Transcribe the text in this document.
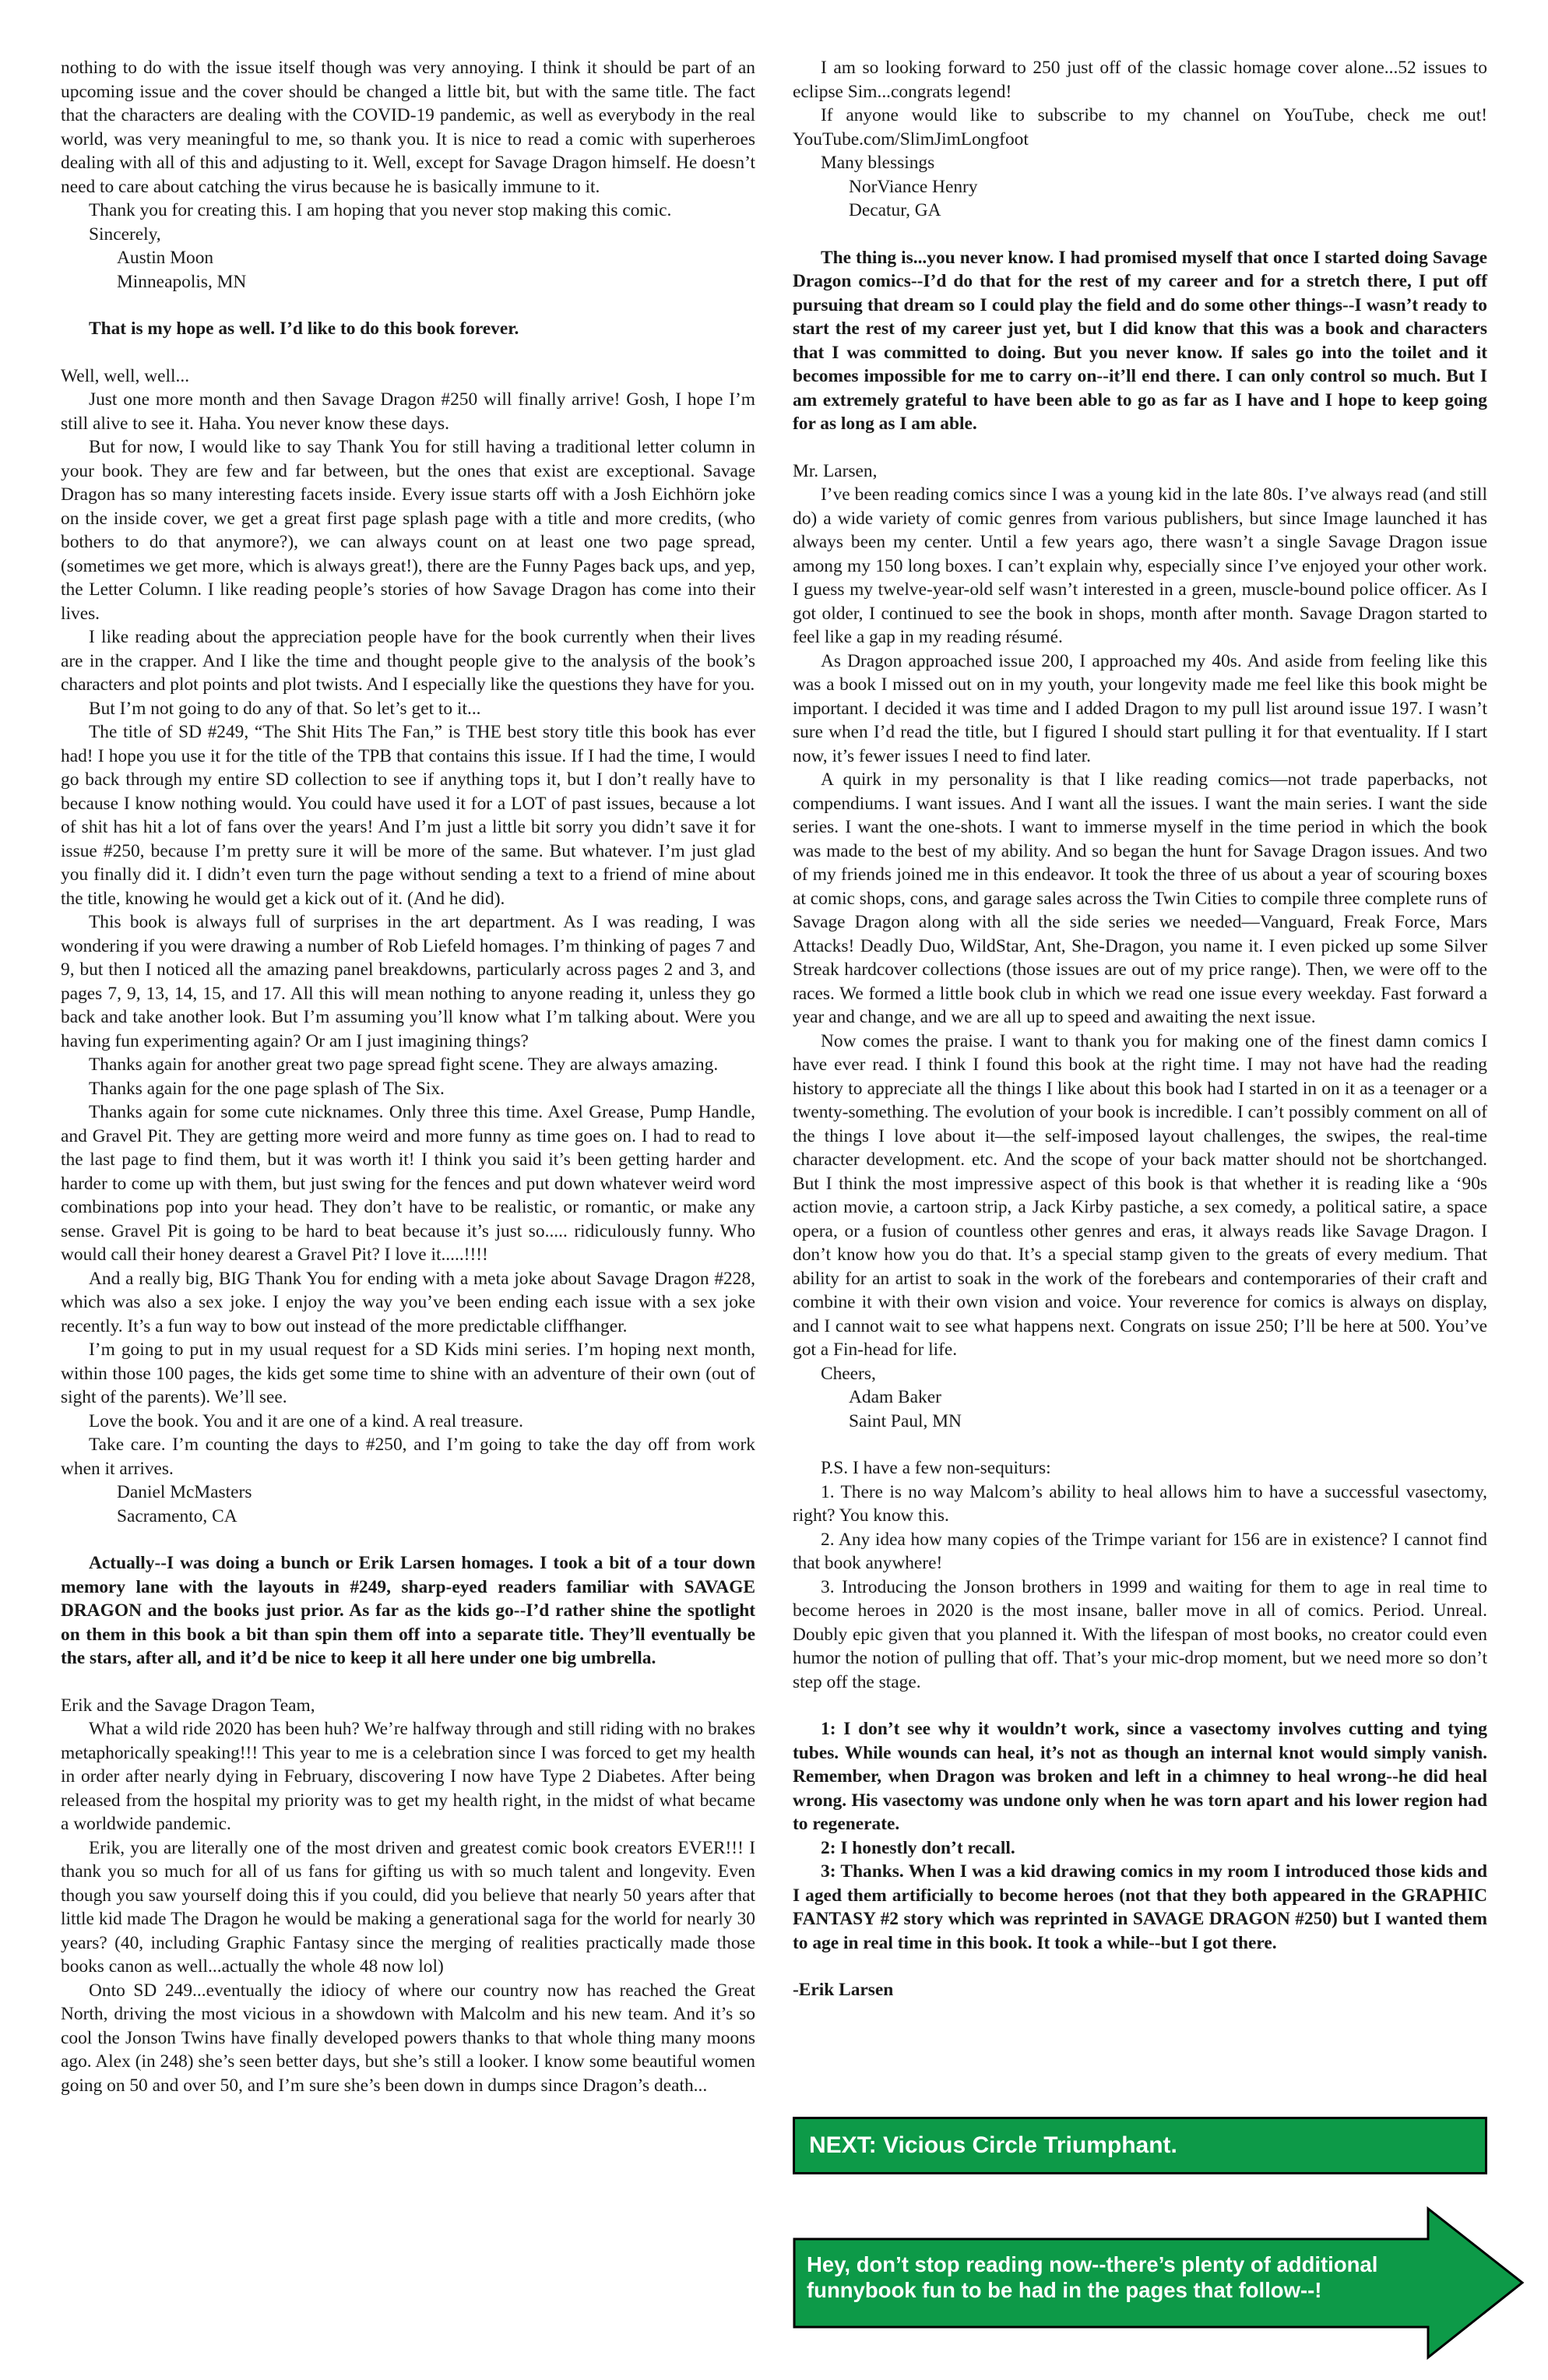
nothing to do with the issue itself though was very annoying. I think it should be part of an upcoming issue and the cover should be changed a little bit, but with the same title. The fact that the characters are dealing with the COVID-19 pandemic, as well as everybody in the real world, was very meaningful to me, so thank you. It is nice to read a comic with superheroes dealing with all of this and adjusting to it. Well, except for Savage Dragon himself. He doesn’t need to care about catching the virus because he is basically immune to it.

Thank you for creating this. I am hoping that you never stop making this comic.

Sincerely,

Austin Moon

Minneapolis, MN

That is my hope as well. I’d like to do this book forever.

Well, well, well...

Just one more month and then Savage Dragon #250 will finally arrive! Gosh, I hope I’m still alive to see it. Haha. You never know these days.

But for now, I would like to say Thank You for still having a traditional letter column in your book. They are few and far between, but the ones that exist are exceptional. Savage Dragon has so many interesting facets inside. Every issue starts off with a Josh Eichhörn joke on the inside cover, we get a great first page splash page with a title and more credits, (who bothers to do that anymore?), we can always count on at least one two page spread, (sometimes we get more, which is always great!), there are the Funny Pages back ups, and yep, the Letter Column. I like reading people’s stories of how Savage Dragon has come into their lives.

I like reading about the appreciation people have for the book currently when their lives are in the crapper. And I like the time and thought people give to the analysis of the book’s characters and plot points and plot twists. And I especially like the questions they have for you.

But I’m not going to do any of that. So let’s get to it...

The title of SD #249, “The Shit Hits The Fan,” is THE best story title this book has ever had! I hope you use it for the title of the TPB that contains this issue. If I had the time, I would go back through my entire SD collection to see if anything tops it, but I don’t really have to because I know nothing would. You could have used it for a LOT of past issues, because a lot of shit has hit a lot of fans over the years! And I’m just a little bit sorry you didn’t save it for issue #250, because I’m pretty sure it will be more of the same. But whatever. I’m just glad you finally did it. I didn’t even turn the page without sending a text to a friend of mine about the title, knowing he would get a kick out of it. (And he did).

This book is always full of surprises in the art department. As I was reading, I was wondering if you were drawing a number of Rob Liefeld homages. I’m thinking of pages 7 and 9, but then I noticed all the amazing panel breakdowns, particularly across pages 2 and 3, and pages 7, 9, 13, 14, 15, and 17. All this will mean nothing to anyone reading it, unless they go back and take another look. But I’m assuming you’ll know what I’m talking about. Were you having fun experimenting again? Or am I just imagining things?

Thanks again for another great two page spread fight scene. They are always amazing.

Thanks again for the one page splash of The Six.

Thanks again for some cute nicknames. Only three this time. Axel Grease, Pump Handle, and Gravel Pit. They are getting more weird and more funny as time goes on. I had to read to the last page to find them, but it was worth it! I think you said it’s been getting harder and harder to come up with them, but just swing for the fences and put down whatever weird word combinations pop into your head. They don’t have to be realistic, or romantic, or make any sense. Gravel Pit is going to be hard to beat because it’s just so..... ridiculously funny. Who would call their honey dearest a Gravel Pit? I love it.....!!!!

And a really big, BIG Thank You for ending with a meta joke about Savage Dragon #228, which was also a sex joke. I enjoy the way you’ve been ending each issue with a sex joke recently. It’s a fun way to bow out instead of the more predictable cliffhanger.

I’m going to put in my usual request for a SD Kids mini series. I’m hoping next month, within those 100 pages, the kids get some time to shine with an adventure of their own (out of sight of the parents). We’ll see.

Love the book. You and it are one of a kind. A real treasure.

Take care. I’m counting the days to #250, and I’m going to take the day off from work when it arrives.

Daniel McMasters

Sacramento, CA

Actually--I was doing a bunch or Erik Larsen homages. I took a bit of a tour down memory lane with the layouts in #249, sharp-eyed readers familiar with SAVAGE DRAGON and the books just prior. As far as the kids go--I’d rather shine the spotlight on them in this book a bit than spin them off into a separate title. They’ll eventually be the stars, after all, and it’d be nice to keep it all here under one big umbrella.

Erik and the Savage Dragon Team,

What a wild ride 2020 has been huh? We’re halfway through and still riding with no brakes metaphorically speaking!!! This year to me is a celebration since I was forced to get my health in order after nearly dying in February, discovering I now have Type 2 Diabetes. After being released from the hospital my priority was to get my health right, in the midst of what became a worldwide pandemic.

Erik, you are literally one of the most driven and greatest comic book creators EVER!!! I thank you so much for all of us fans for gifting us with so much talent and longevity. Even though you saw yourself doing this if you could, did you believe that nearly 50 years after that little kid made The Dragon he would be making a generational saga for the world for nearly 30 years? (40, including Graphic Fantasy since the merging of realities practically made those books canon as well...actually the whole 48 now lol)

Onto SD 249...eventually the idiocy of where our country now has reached the Great North, driving the most vicious in a showdown with Malcolm and his new team. And it’s so cool the Jonson Twins have finally developed powers thanks to that whole thing many moons ago. Alex (in 248) she’s seen better days, but she’s still a looker. I know some beautiful women going on 50 and over 50, and I’m sure she’s been down in dumps since Dragon’s death...

I am so looking forward to 250 just off of the classic homage cover alone...52 issues to eclipse Sim...congrats legend!

If anyone would like to subscribe to my channel on YouTube, check me out! YouTube.com/SlimJimLongfoot

Many blessings

NorViance Henry

Decatur, GA

The thing is...you never know. I had promised myself that once I started doing Savage Dragon comics--I’d do that for the rest of my career and for a stretch there, I put off pursuing that dream so I could play the field and do some other things--I wasn’t ready to start the rest of my career just yet, but I did know that this was a book and characters that I was committed to doing. But you never know. If sales go into the toilet and it becomes impossible for me to carry on--it’ll end there. I can only control so much. But I am extremely grateful to have been able to go as far as I have and I hope to keep going for as long as I am able.

Mr. Larsen,

I’ve been reading comics since I was a young kid in the late 80s. I’ve always read (and still do) a wide variety of comic genres from various publishers, but since Image launched it has always been my center. Until a few years ago, there wasn’t a single Savage Dragon issue among my 150 long boxes. I can’t explain why, especially since I’ve enjoyed your other work. I guess my twelve-year-old self wasn’t interested in a green, muscle-bound police officer. As I got older, I continued to see the book in shops, month after month. Savage Dragon started to feel like a gap in my reading résumé.

As Dragon approached issue 200, I approached my 40s. And aside from feeling like this was a book I missed out on in my youth, your longevity made me feel like this book might be important. I decided it was time and I added Dragon to my pull list around issue 197. I wasn’t sure when I’d read the title, but I figured I should start pulling it for that eventuality. If I start now, it’s fewer issues I need to find later.

A quirk in my personality is that I like reading comics—not trade paperbacks, not compendiums. I want issues. And I want all the issues. I want the main series. I want the side series. I want the one-shots. I want to immerse myself in the time period in which the book was made to the best of my ability. And so began the hunt for Savage Dragon issues. And two of my friends joined me in this endeavor. It took the three of us about a year of scouring boxes at comic shops, cons, and garage sales across the Twin Cities to compile three complete runs of Savage Dragon along with all the side series we needed—Vanguard, Freak Force, Mars Attacks! Deadly Duo, WildStar, Ant, She-Dragon, you name it. I even picked up some Silver Streak hardcover collections (those issues are out of my price range). Then, we were off to the races. We formed a little book club in which we read one issue every weekday. Fast forward a year and change, and we are all up to speed and awaiting the next issue.

Now comes the praise. I want to thank you for making one of the finest damn comics I have ever read. I think I found this book at the right time. I may not have had the reading history to appreciate all the things I like about this book had I started in on it as a teenager or a twenty-something. The evolution of your book is incredible. I can’t possibly comment on all of the things I love about it—the self-imposed layout challenges, the swipes, the real-time character development. etc. And the scope of your back matter should not be shortchanged. But I think the most impressive aspect of this book is that whether it is reading like a ‘90s action movie, a cartoon strip, a Jack Kirby pastiche, a sex comedy, a political satire, a space opera, or a fusion of countless other genres and eras, it always reads like Savage Dragon. I don’t know how you do that. It’s a special stamp given to the greats of every medium. That ability for an artist to soak in the work of the forebears and contemporaries of their craft and combine it with their own vision and voice. Your reverence for comics is always on display, and I cannot wait to see what happens next. Congrats on issue 250; I’ll be here at 500. You’ve got a Fin-head for life.

Cheers,

Adam Baker

Saint Paul, MN

P.S. I have a few non-sequiturs:

1. There is no way Malcom’s ability to heal allows him to have a successful vasectomy, right? You know this.

2. Any idea how many copies of the Trimpe variant for 156 are in existence? I cannot find that book anywhere!

3. Introducing the Jonson brothers in 1999 and waiting for them to age in real time to become heroes in 2020 is the most insane, baller move in all of comics. Period. Unreal. Doubly epic given that you planned it. With the lifespan of most books, no creator could even humor the notion of pulling that off. That’s your mic-drop moment, but we need more so don’t step off the stage.

1: I don’t see why it wouldn’t work, since a vasectomy involves cutting and tying tubes. While wounds can heal, it’s not as though an internal knot would simply vanish. Remember, when Dragon was broken and left in a chimney to heal wrong--he did heal wrong. His vasectomy was undone only when he was torn apart and his lower region had to regenerate.

2: I honestly don’t recall.

3: Thanks. When I was a kid drawing comics in my room I introduced those kids and I aged them artificially to become heroes (not that they both appeared in the GRAPHIC FANTASY #2 story which was reprinted in SAVAGE DRAGON #250) but I wanted them to age in real time in this book. It took a while--but I got there.

-Erik Larsen

NEXT: Vicious Circle Triumphant.
Hey, don’t stop reading now--there’s plenty of additional funnybook fun to be had in the pages that follow--!
